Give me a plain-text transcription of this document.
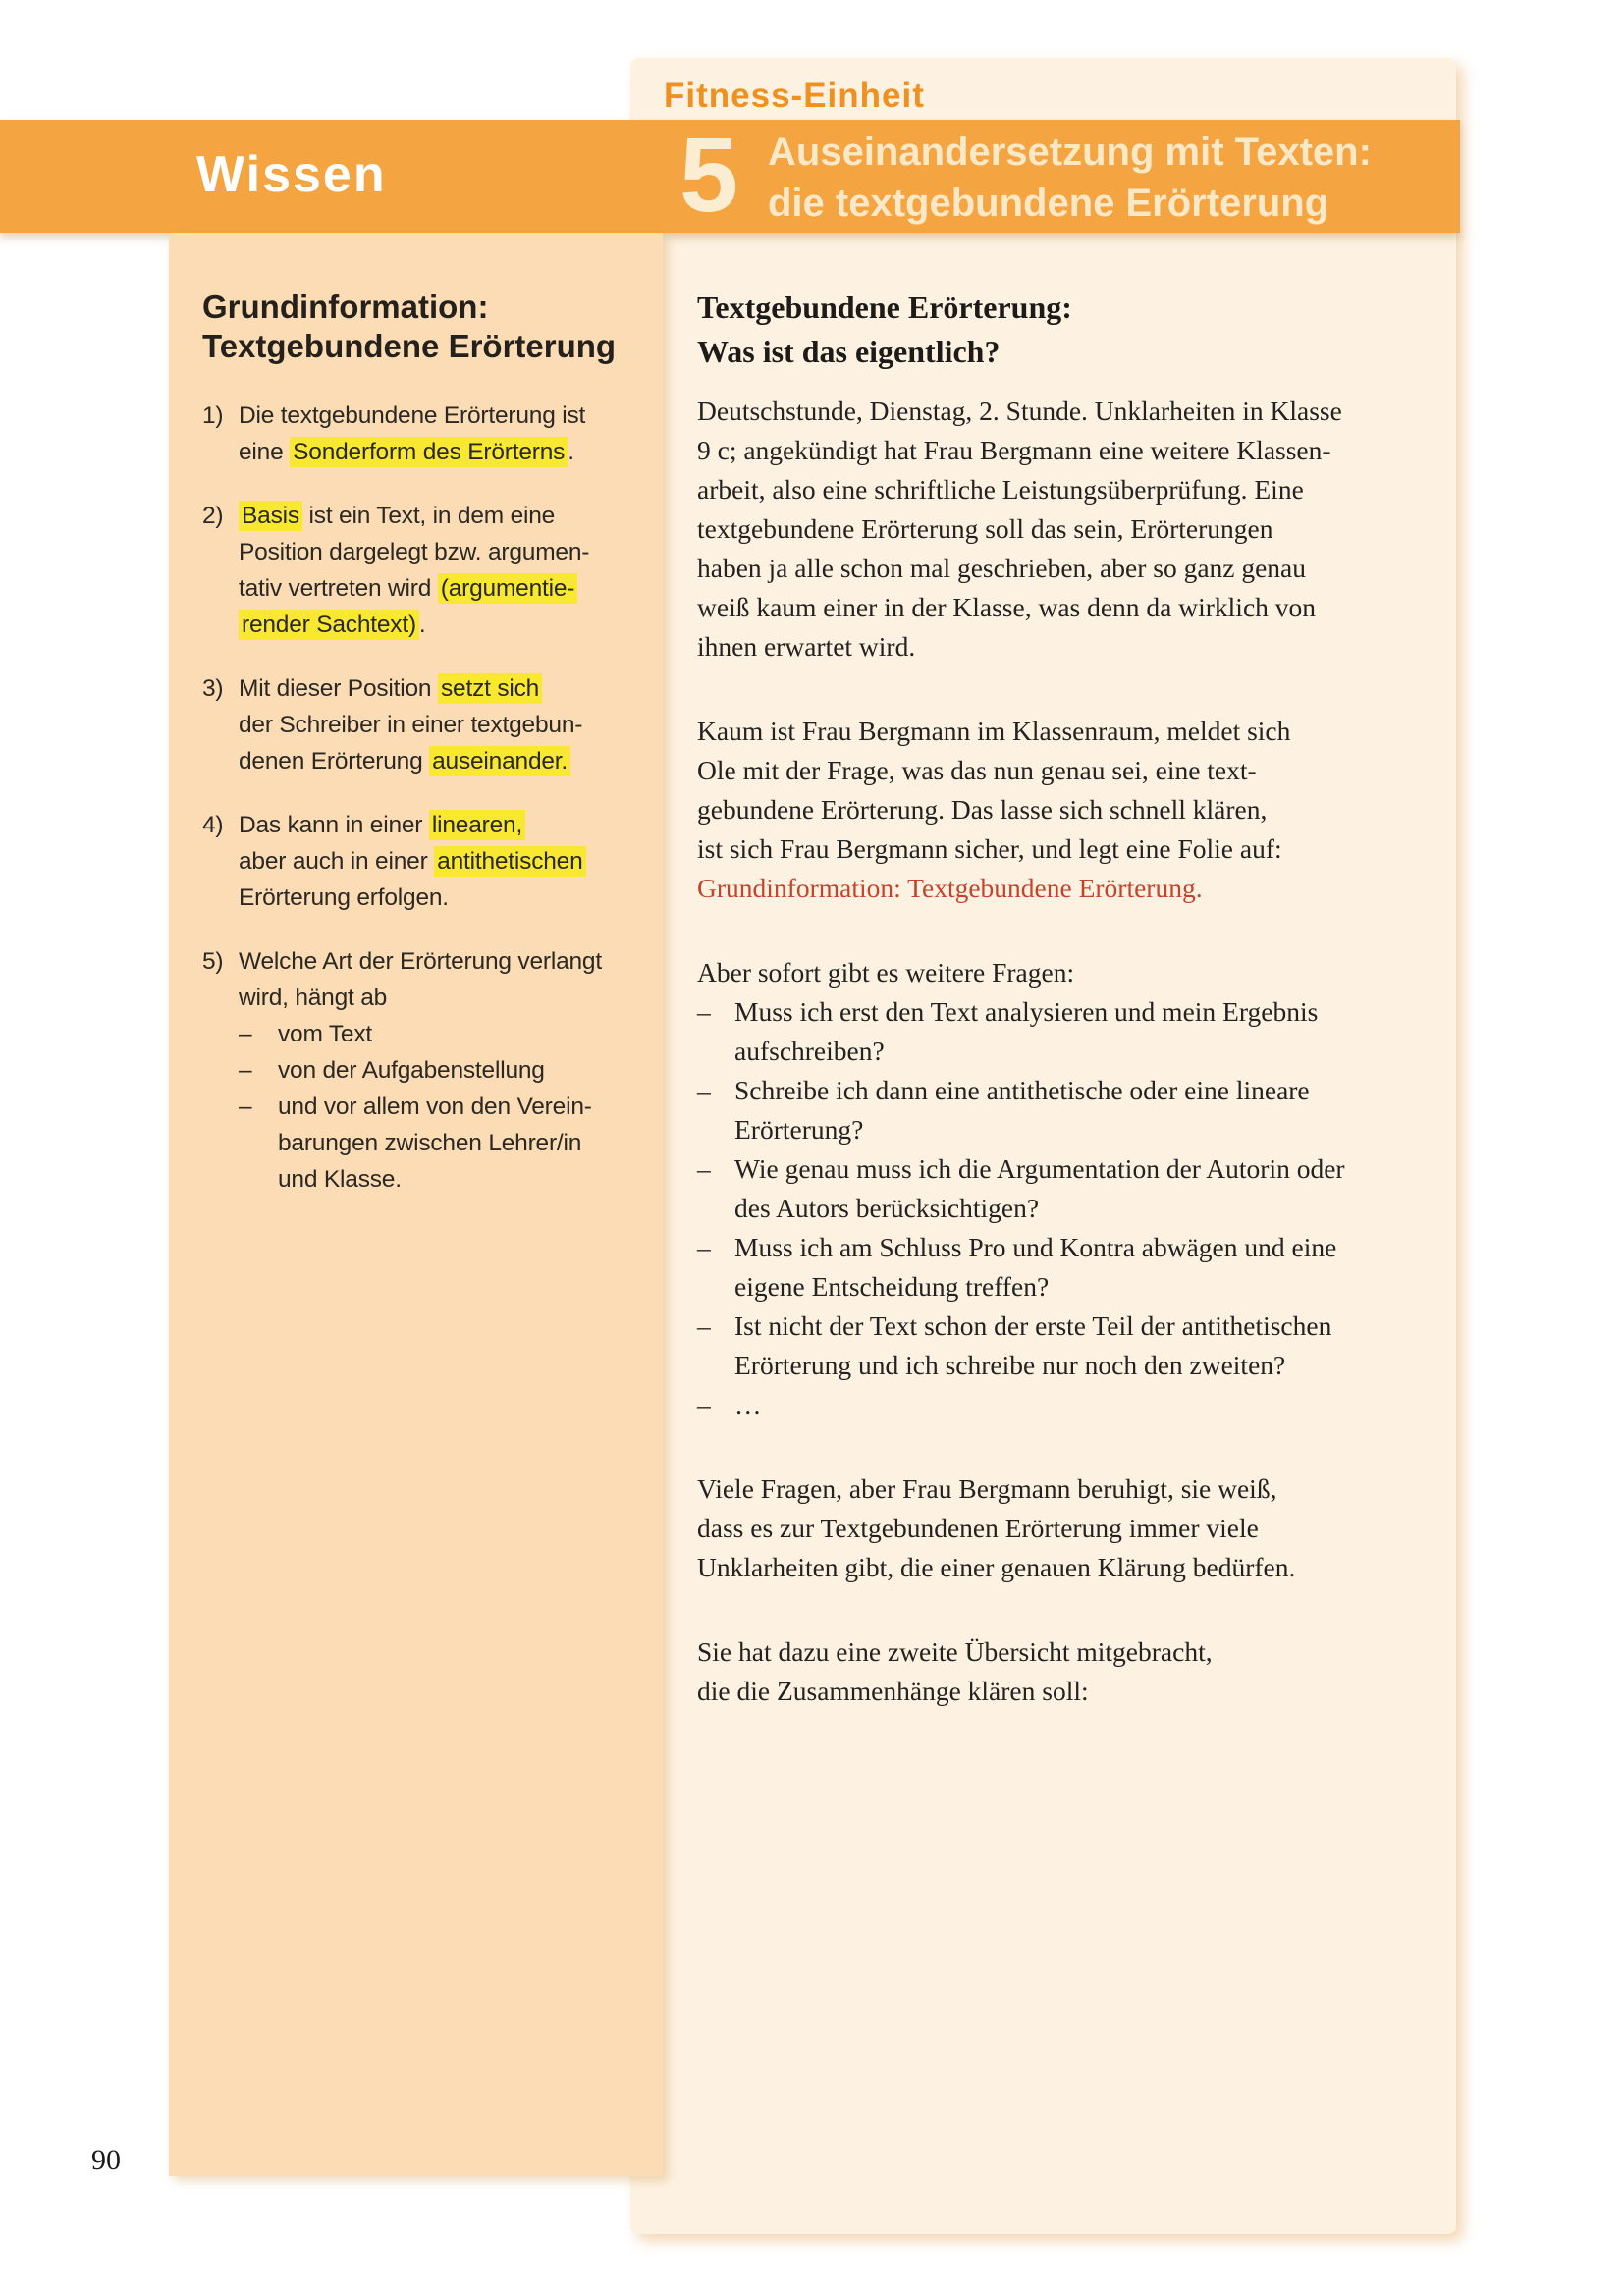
Textgebundene Erörterung:
Was ist das eigentlich?

Deutschstunde, Dienstag, 2. Stunde. Unklarheiten in Klasse
9 c; angekündigt hat Frau Bergmann eine weitere Klassen-
arbeit, also eine schriftliche Leistungsüberprüfung. Eine
textgebundene Erörterung soll das sein, Erörterungen
haben ja alle schon mal geschrieben, aber so ganz genau
weiß kaum einer in der Klasse, was denn da wirklich von
ihnen erwartet wird.

Kaum ist Frau Bergmann im Klassenraum, meldet sich
Ole mit der Frage, was das nun genau sei, eine text-
gebundene Erörterung. Das lasse sich schnell klären,
ist sich Frau Bergmann sicher, und legt eine Folie auf:

Grundinformation: Textgebundene Erörterung.
Aber sofort gibt es weitere Fragen:
– Muss ich erst den Text analysieren und mein Ergebnis
aufschreiben?
– Schreibe ich dann eine antithetische oder eine lineare
Erörterung?
– Wie genau muss ich die Argumentation der Autorin oder
des Autors berücksichtigen?
– Muss ich am Schluss Pro und Kontra abwägen und eine
eigene Entscheidung treffen?
– Ist nicht der Text schon der erste Teil der antithetischen
Erörterung und ich schreibe nur noch den zweiten?
– …

Viele Fragen, aber Frau Bergmann beruhigt, sie weiß,
dass es zur Textgebundenen Erörterung immer viele
Unklarheiten gibt, die einer genauen Klärung bedürfen.

Sie hat dazu eine zweite Übersicht mitgebracht,
die die Zusammenhänge klären soll:

Fitness-Einheit
Wissen	5 Auseinandersetzung mit Texten:
die textgebundene Erörterung
Grundinformation:
Textgebundene Erörterung
1) Die textgebundene Erörterung ist
eine Sonderform des Erörterns .
2) Basis ist ein Text, in dem eine
Position dargelegt bzw. argumen-
tativ vertreten wird (argumentie-
render Sachtext) .
3) Mit dieser Position setzt sich
der Schreiber in einer textgebun-
denen Erörterung auseinander.
4) Das kann in einer linearen,
aber auch in einer antithetischen
Erörterung erfolgen.
5) Welche Art der Erörterung verlangt
wird, hängt ab
–	vom Text
–	von der Aufgabenstellung
–	und vor allem von den Verein-
barungen zwischen Lehrer/in
und Klasse.
90
